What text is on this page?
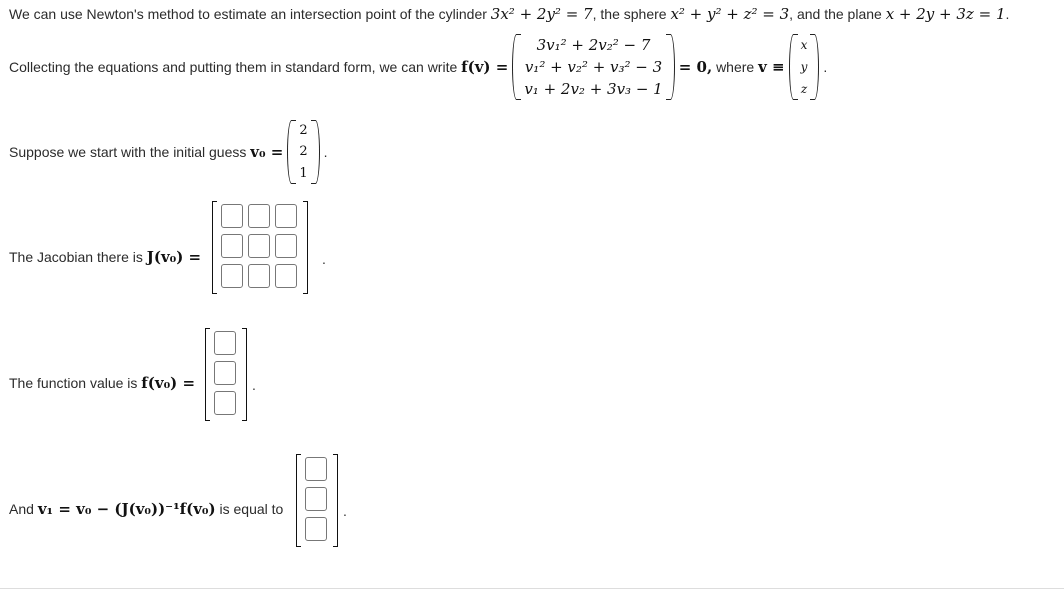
We can use Newton's method to estimate an intersection point of the cylinder
3x² + 2y² = 7 , the sphere
x² + y² + z² = 3 , and the plane
x + 2y + 3z = 1 .
Collecting the equations and putting them in standard form, we can write
f(v) =
3v₁² + 2v₂² − 7
v₁² + v₂² + v₃² − 3
v₁ + 2v₂ + 3v₃ − 1
= 0,
where
v ≡
x
y
z
.
Suppose we start with the initial guess
v₀ =
2
2
1
.
The Jacobian there is
J(v₀) =	.
The function value is
f(v₀) =	.
And
v₁ = v₀ − (J(v₀))⁻¹f(v₀)
is equal to	.
